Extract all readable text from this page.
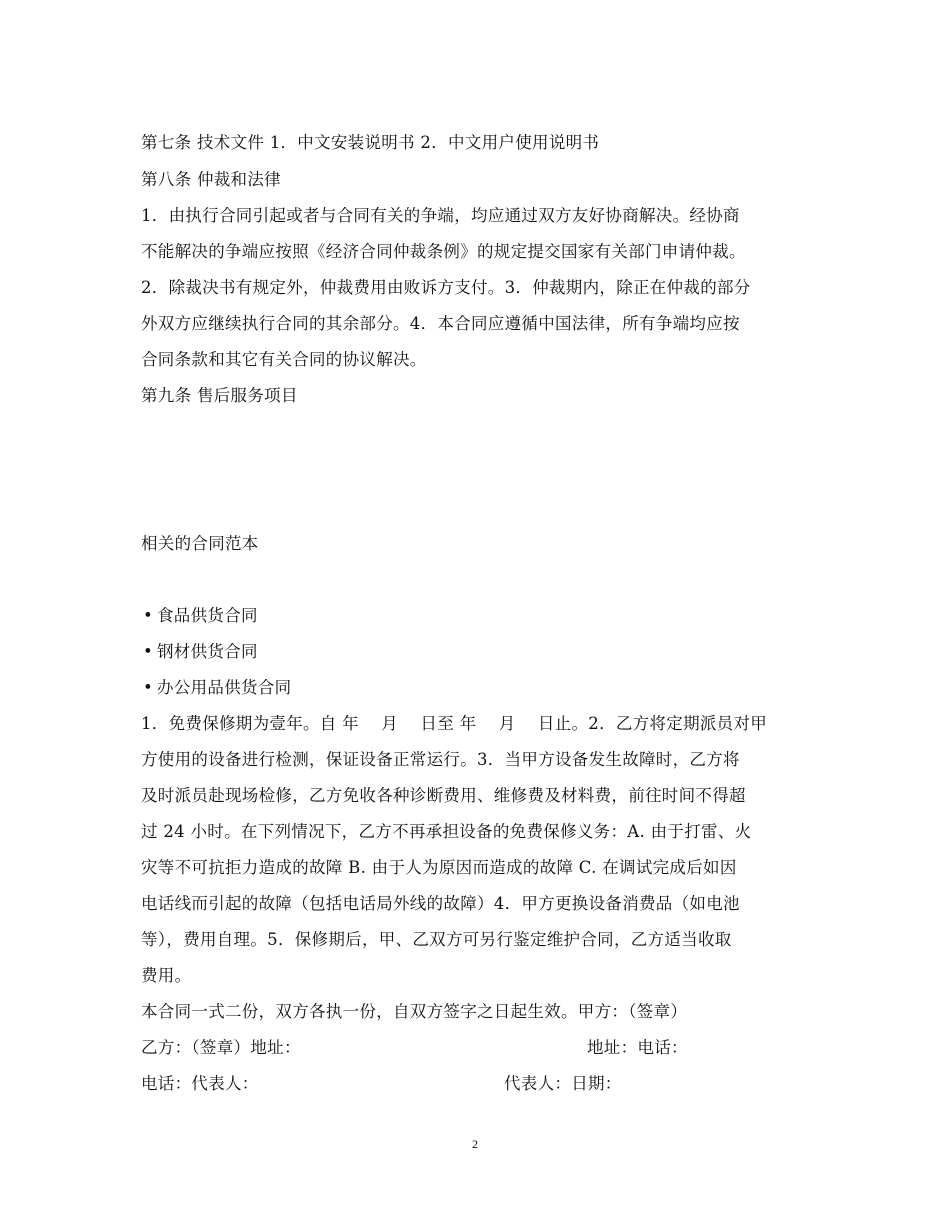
第七条 技术文件 1．中文安装说明书 2．中文用户使用说明书
第八条 仲裁和法律
1．由执行合同引起或者与合同有关的争端，均应通过双方友好协商解决。经协商
不能解决的争端应按照《经济合同仲裁条例》的规定提交国家有关部门申请仲裁。
2．除裁决书有规定外，仲裁费用由败诉方支付。3．仲裁期内，除正在仲裁的部分
外双方应继续执行合同的其余部分。4．本合同应遵循中国法律，所有争端均应按
合同条款和其它有关合同的协议解决。
第九条 售后服务项目
相关的合同范本
• 食品供货合同
• 钢材供货合同
• 办公用品供货合同
1．免费保修期为壹年。自 年　 月　 日至 年　 月　 日止。2．乙方将定期派员对甲
方使用的设备进行检测，保证设备正常运行。3．当甲方设备发生故障时，乙方将
及时派员赴现场检修，乙方免收各种诊断费用、维修费及材料费，前往时间不得超
过 24 小时。在下列情况下，乙方不再承担设备的免费保修义务：A. 由于打雷、火
灾等不可抗拒力造成的故障 B. 由于人为原因而造成的故障 C. 在调试完成后如因
电话线而引起的故障（包括电话局外线的故障）4．甲方更换设备消费品（如电池
等），费用自理。5．保修期后，甲、乙双方可另行鉴定维护合同，乙方适当收取
费用。
本合同一式二份，双方各执一份，自双方签字之日起生效。甲方：（签章）
乙方：（签章）地址：	地址：电话：
电话：代表人：	代表人：日期：
2
